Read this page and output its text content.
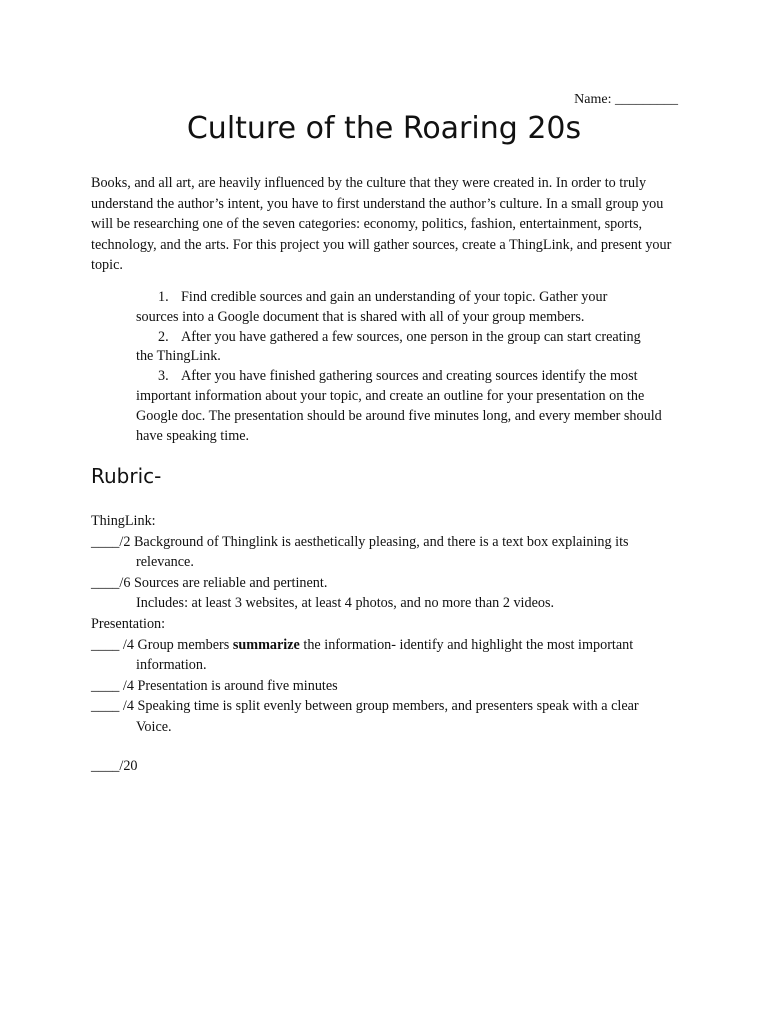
Name: _________
Culture of the Roaring 20s

Books, and all art, are heavily influenced by the culture that they were created in. In order to truly understand the author’s intent, you have to first understand the author’s culture. In a small group you will be researching one of the seven categories: economy, politics, fashion, entertainment, sports, technology, and the arts. For this project you will gather sources, create a ThingLink, and present your topic.

1. Find credible sources and gain an understanding of your topic. Gather your
sources into a Google document that is shared with all of your group members.
2. After you have gathered a few sources, one person in the group can start creating
the ThingLink.
3. After you have finished gathering sources and creating sources identify the most
important information about your topic, and create an outline for your presentation on the Google doc. The presentation should be around five minutes long, and every member should have speaking time.
Rubric-

ThingLink:

____/2 Background of Thinglink is aesthetically pleasing, and there is a text box explaining its

relevance.

____/6 Sources are reliable and pertinent.

Includes: at least 3 websites, at least 4 photos, and no more than 2 videos.

Presentation:

____ /4 Group members summarize the information- identify and highlight the most important

information.

____ /4 Presentation is around five minutes

____ /4 Speaking time is split evenly between group members, and presenters speak with a clear

Voice.

____/20
